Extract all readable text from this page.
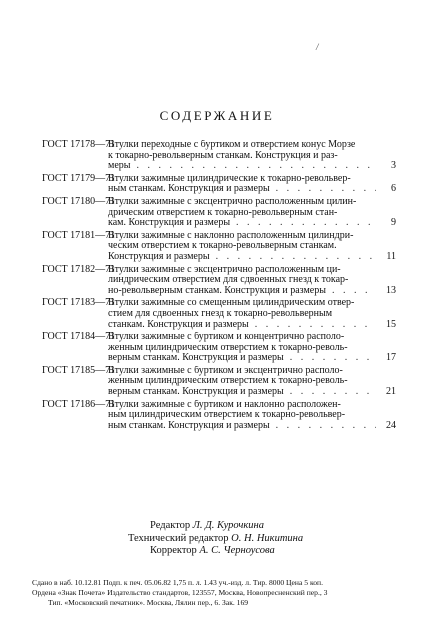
/
СОДЕРЖАНИЕ
ГОСТ 17178—71
Втулки переходные с буртиком и отверстием конус Морзе
к токарно-револьверным станкам. Конструкция и раз-
меры . . .	3
ГОСТ 17179—71
Втулки зажимные цилиндрические к токарно-револьвер-
ным станкам. Конструкция и размеры . . .	6
ГОСТ 17180—71
Втулки зажимные с эксцентрично расположенным цилин-
дрическим отверстием к токарно-револьверным стан-
кам. Конструкция и размеры . . .	9
ГОСТ 17181—71
Втулки зажимные с наклонно расположенным цилиндри-
ческим отверстием к токарно-револьверным станкам.
Конструкция и размеры . . .	11
ГОСТ 17182—71
Втулки зажимные с эксцентрично расположенным ци-
линдрическим отверстием для сдвоенных гнезд к токар-
но-револьверным станкам. Конструкция и размеры . . .	13
ГОСТ 17183—71
Втулки зажимные со смещенным цилиндрическим отвер-
стием для сдвоенных гнезд к токарно-револьверным
станкам. Конструкция и размеры . . .	15
ГОСТ 17184—71
Втулки зажимные с буртиком и концентрично располо-
женным цилиндрическим отверстием к токарно-револь-
верным станкам. Конструкция и размеры . . .	17
ГОСТ 17185—71
Втулки зажимные с буртиком и эксцентрично располо-
женным цилиндрическим отверстием к токарно-револь-
верным станкам. Конструкция и размеры . . .	21
ГОСТ 17186—71
Втулки зажимные с буртиком и наклонно расположен-
ным цилиндрическим отверстием к токарно-револьвер-
ным станкам. Конструкция и размеры . . .	24
Редактор Л. Д. Курочкина
Технический редактор О. Н. Никитина
Корректор А. С. Черноусова
Сдано в наб. 10.12.81 Подп. к печ. 05.06.82 1,75 п. л. 1.43 уч.-изд. л. Тир. 8000 Цена 5 коп.
Ордена «Знак Почета» Издательство стандартов, 123557, Москва, Новопресненский пер., 3
Тип. «Московский печатник». Москва, Лялин пер., 6. Зак. 169
